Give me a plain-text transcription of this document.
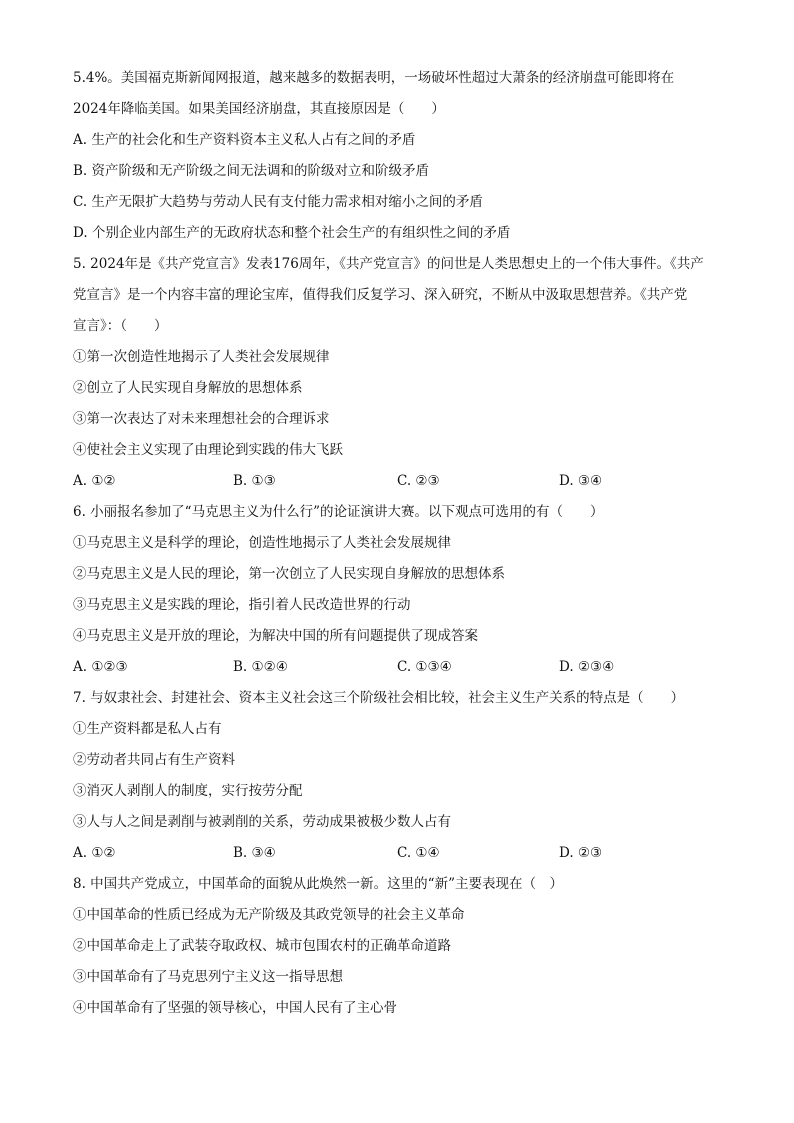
5.4%。美国福克斯新闻网报道，越来越多的数据表明，一场破坏性超过大萧条的经济崩盘可能即将在
2024年降临美国。如果美国经济崩盘，其直接原因是（　　）
A. 生产的社会化和生产资料资本主义私人占有之间的矛盾
B. 资产阶级和无产阶级之间无法调和的阶级对立和阶级矛盾
C. 生产无限扩大趋势与劳动人民有支付能力需求相对缩小之间的矛盾
D. 个别企业内部生产的无政府状态和整个社会生产的有组织性之间的矛盾
5. 2024年是《共产党宣言》发表176周年，《共产党宣言》的问世是人类思想史上的一个伟大事件。《共产
党宣言》是一个内容丰富的理论宝库，值得我们反复学习、深入研究，不断从中汲取思想营养。《共产党
宣言》：（　　）
①第一次创造性地揭示了人类社会发展规律
②创立了人民实现自身解放的思想体系
③第一次表达了对未来理想社会的合理诉求
④使社会主义实现了由理论到实践的伟大飞跃
A. ①②	B. ①③	C. ②③	D. ③④
6. 小丽报名参加了“马克思主义为什么行”的论证演讲大赛。以下观点可选用的有（　　）
①马克思主义是科学的理论，创造性地揭示了人类社会发展规律
②马克思主义是人民的理论，第一次创立了人民实现自身解放的思想体系
③马克思主义是实践的理论，指引着人民改造世界的行动
④马克思主义是开放的理论，为解决中国的所有问题提供了现成答案
A. ①②③	B. ①②④	C. ①③④	D. ②③④
7. 与奴隶社会、封建社会、资本主义社会这三个阶级社会相比较，社会主义生产关系的特点是（　　）
①生产资料都是私人占有
②劳动者共同占有生产资料
③消灭人剥削人的制度，实行按劳分配
③人与人之间是剥削与被剥削的关系，劳动成果被极少数人占有
A. ①②	B. ③④	C. ①④	D. ②③
8. 中国共产党成立，中国革命的面貌从此焕然一新。这里的“新”主要表现在（　）
①中国革命的性质已经成为无产阶级及其政党领导的社会主义革命
②中国革命走上了武装夺取政权、城市包围农村的正确革命道路
③中国革命有了马克思列宁主义这一指导思想
④中国革命有了坚强的领导核心，中国人民有了主心骨
